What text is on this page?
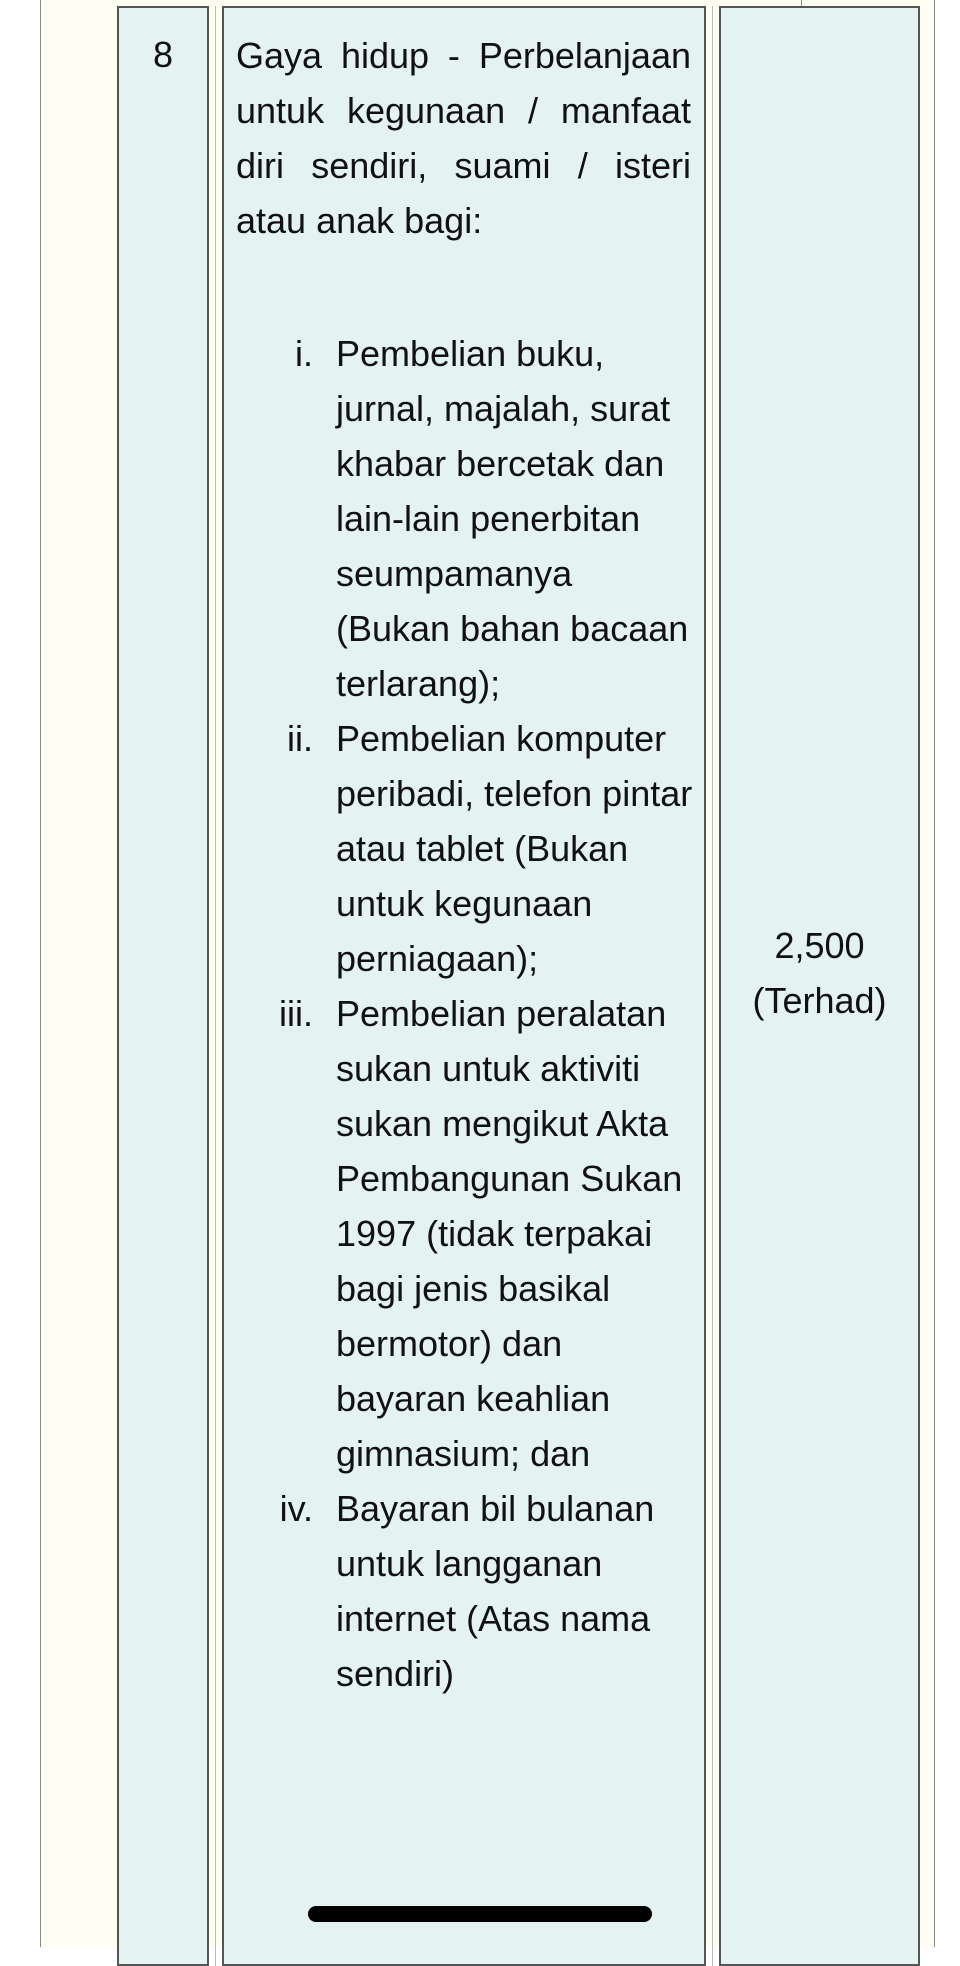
8	Gaya hidup - Perbelanjaan untuk kegunaan / manfaat diri sendiri, suami / isteri atau anak bagi:
i. Pembelian buku, jurnal, majalah, surat khabar bercetak dan lain-lain penerbitan seumpamanya (Bukan bahan bacaan terlarang);
ii. Pembelian komputer peribadi, telefon pintar atau tablet (Bukan untuk kegunaan perniagaan);
iii. Pembelian peralatan sukan untuk aktiviti sukan mengikut Akta Pembangunan Sukan 1997 (tidak terpakai bagi jenis basikal bermotor) dan bayaran keahlian gimnasium; dan
iv. Bayaran bil bulanan untuk langganan internet (Atas nama sendiri)
2,500
(Terhad)
